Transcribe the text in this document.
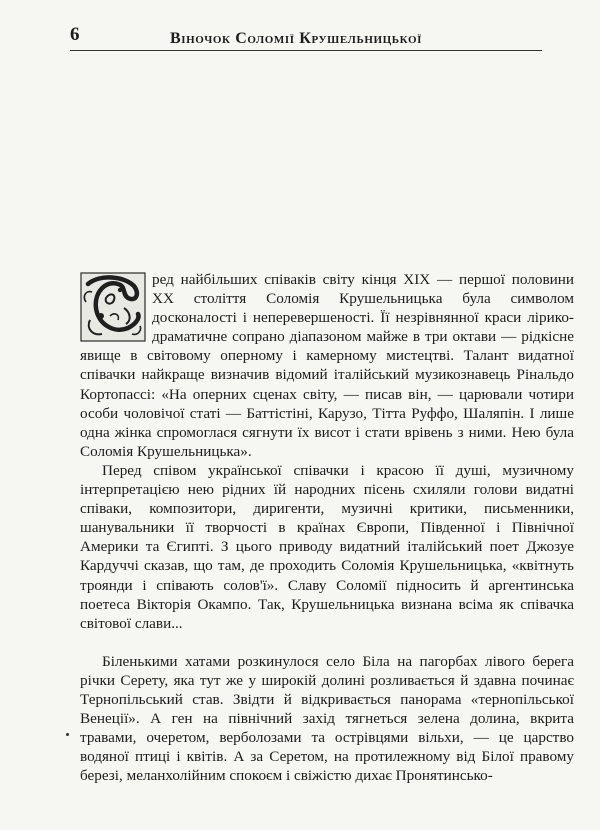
6	Віночок Соломії Крушельницької

ред найбільших співаків світу кінця XIX — першої половини XX століття Соломія Крушельницька була символом досконалості і неперевершеності. Її незрівнянної краси лірико-драматичне сопрано діапазоном майже в три октави — рідкісне явище в світовому оперному і камерному мистецтві. Талант видатної співачки найкраще визначив відомий італійський музикознавець Рінальдо Кортопассі: «На оперних сценах світу, — писав він, — царювали чотири особи чоловічої статі — Баттістіні, Карузо, Тітта Руффо, Шаляпін. І лише одна жінка спромоглася сягнути їх висот і стати врівень з ними. Нею була Соломія Крушельницька».

Перед співом української співачки і красою її душі, музичному інтерпретацією нею рідних їй народних пісень схиляли голови видатні співаки, композитори, диригенти, музичні критики, письменники, шанувальники її творчості в країнах Європи, Південної і Північної Америки та Єгипті. З цього приводу видатний італійський поет Джозуе Кардуччі сказав, що там, де проходить Соломія Крушельницька, «квітнуть троянди і співають солов'ї». Славу Соломії підносить й аргентинська поетеса Вікторія Окампо. Так, Крушельницька визнана всіма як співачка світової слави...

Біленькими хатами розкинулося село Біла на пагорбах лівого берега річки Серету, яка тут же у широкій долині розливається й здавна починає Тернопільський став. Звідти й відкривається панорама «тернопільської Венеції». А ген на північний захід тягнеться зелена долина, вкрита травами, очеретом, верболозами та острівцями вільхи, — це царство водяної птиці і квітів. А за Серетом, на протилежному від Білої правому березі, меланхолійним спокоєм і свіжістю дихає Пронятинсько-
